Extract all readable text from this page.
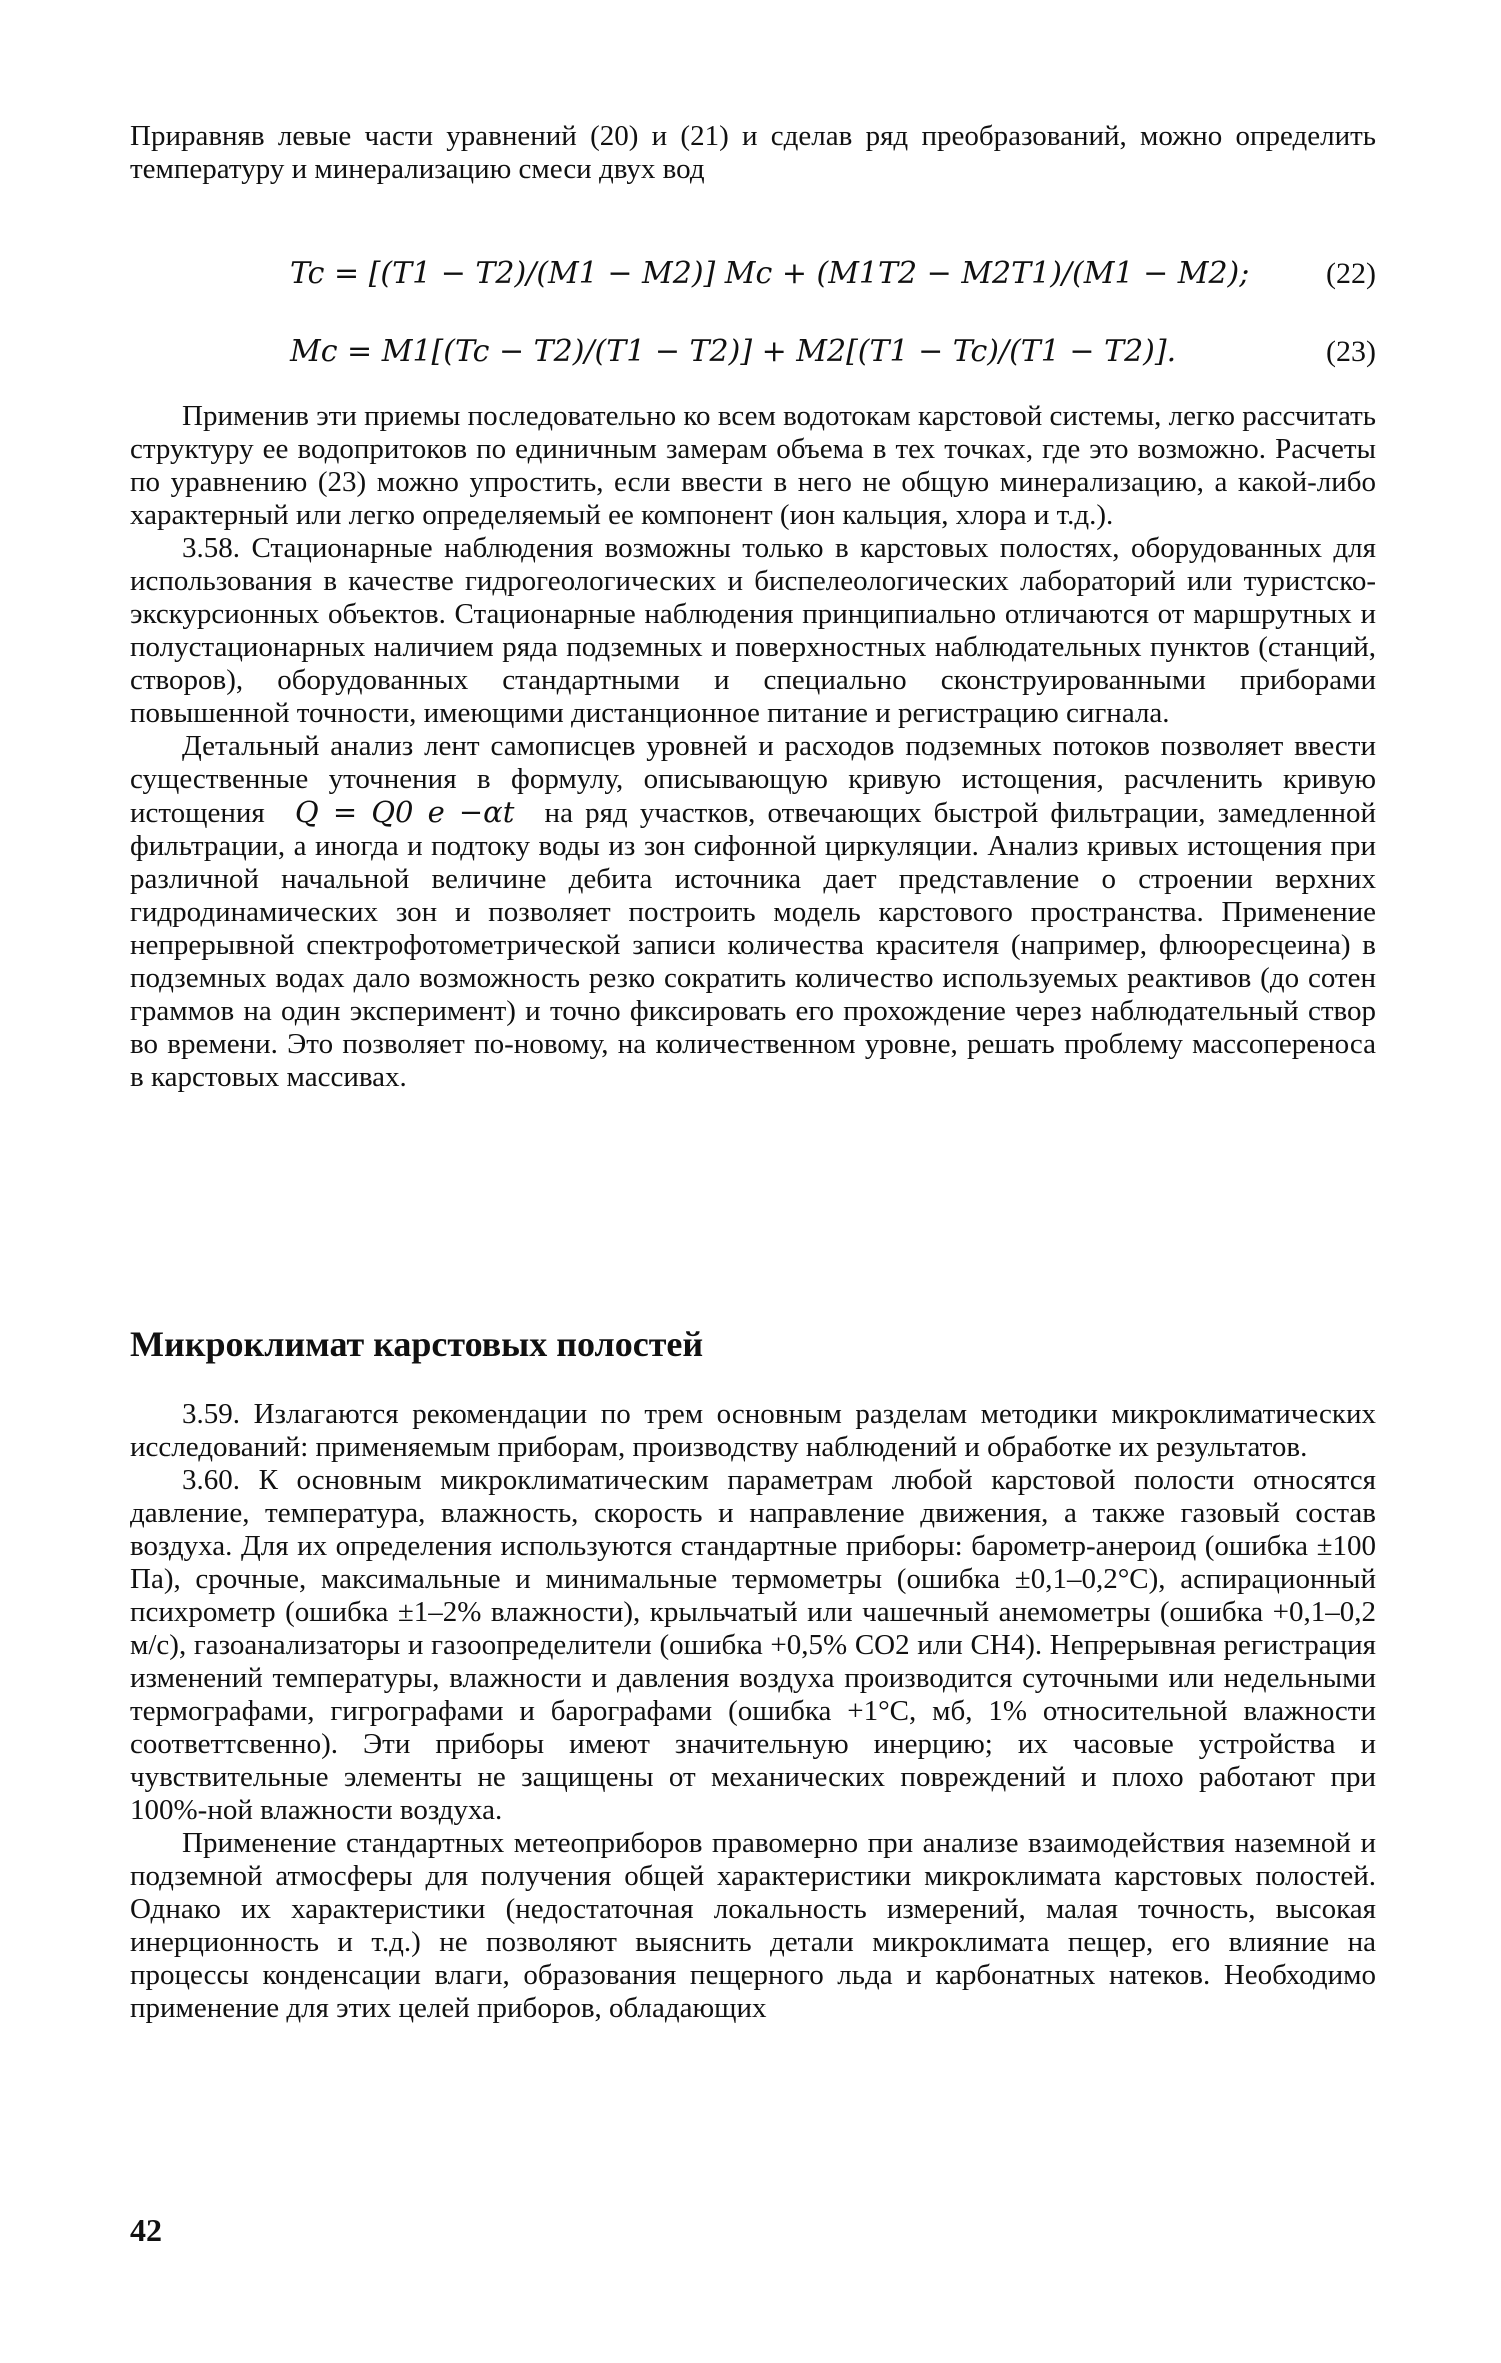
Приравняв левые части уравнений (20) и (21) и сделав ряд преобразований, можно определить температуру и минерализацию смеси двух вод

Tc = [(T1 − T2)/(M1 − M2)] Mc + (M1T2 − M2T1)/(M1 − M2);	(22)
Mc = M1[(Tc − T2)/(T1 − T2)] + M2[(T1 − Tc)/(T1 − T2)].	(23)

Применив эти приемы последовательно ко всем водотокам карстовой системы, легко рассчитать структуру ее водопритоков по единичным замерам объема в тех точках, где это возможно. Расчеты по уравнению (23) можно упростить, если ввести в него не общую минерализацию, а какой-либо характерный или легко определяемый ее компонент (ион кальция, хлора и т.д.).

3.58. Стационарные наблюдения возможны только в карстовых полостях, оборудованных для использования в качестве гидрогеологических и биспелеологических лабораторий или туристско-экскурсионных объектов. Стационарные наблюдения принципиально отличаются от маршрутных и полустационарных наличием ряда подземных и поверхностных наблюдательных пунктов (станций, створов), оборудованных стандартными и специально сконструированными приборами повышенной точности, имеющими дистанционное питание и регистрацию сигнала.

Детальный анализ лент самописцев уровней и расходов подземных потоков позволяет ввести существенные уточнения в формулу, описывающую кривую истощения, расчленить кривую истощения Q = Q0 e −αt на ряд участков, отвечающих быстрой фильтрации, замедленной фильтрации, а иногда и подтоку воды из зон сифонной циркуляции. Анализ кривых истощения при различной начальной величине дебита источника дает представление о строении верхних гидродинамических зон и позволяет построить модель карстового пространства. Применение непрерывной спектрофотометрической записи количества красителя (например, флюоресцеина) в подземных водах дало возможность резко сократить количество используемых реактивов (до сотен граммов на один эксперимент) и точно фиксировать его прохождение через наблюдательный створ во времени. Это позволяет по-новому, на количественном уровне, решать проблему массопереноса в карстовых массивах.

Микроклимат карстовых полостей

3.59. Излагаются рекомендации по трем основным разделам методики микроклиматических исследований: применяемым приборам, производству наблюдений и обработке их результатов.

3.60. К основным микроклиматическим параметрам любой карстовой полости относятся давление, температура, влажность, скорость и направление движения, а также газовый состав воздуха. Для их определения используются стандартные приборы: барометр-анероид (ошибка ±100 Па), срочные, максимальные и минимальные термометры (ошибка ±0,1–0,2°С), аспирационный психрометр (ошибка ±1–2% влажности), крыльчатый или чашечный анемометры (ошибка +0,1–0,2 м/с), газоанализаторы и газоопределители (ошибка +0,5% CO2 или CH4). Непрерывная регистрация изменений температуры, влажности и давления воздуха производится суточными или недельными термографами, гигрографами и барографами (ошибка +1°С, мб, 1% относительной влажности соответтсвенно). Эти приборы имеют значительную инерцию; их часовые устройства и чувствительные элементы не защищены от механических повреждений и плохо работают при 100%-ной влажности воздуха.

Применение стандартных метеоприборов правомерно при анализе взаимодействия наземной и подземной атмосферы для получения общей характеристики микроклимата карстовых полостей. Однако их характеристики (недостаточная локальность измерений, малая точность, высокая инерционность и т.д.) не позволяют выяснить детали микроклимата пещер, его влияние на процессы конденсации влаги, образования пещерного льда и карбонатных натеков. Необходимо применение для этих целей приборов, обладающих

42
